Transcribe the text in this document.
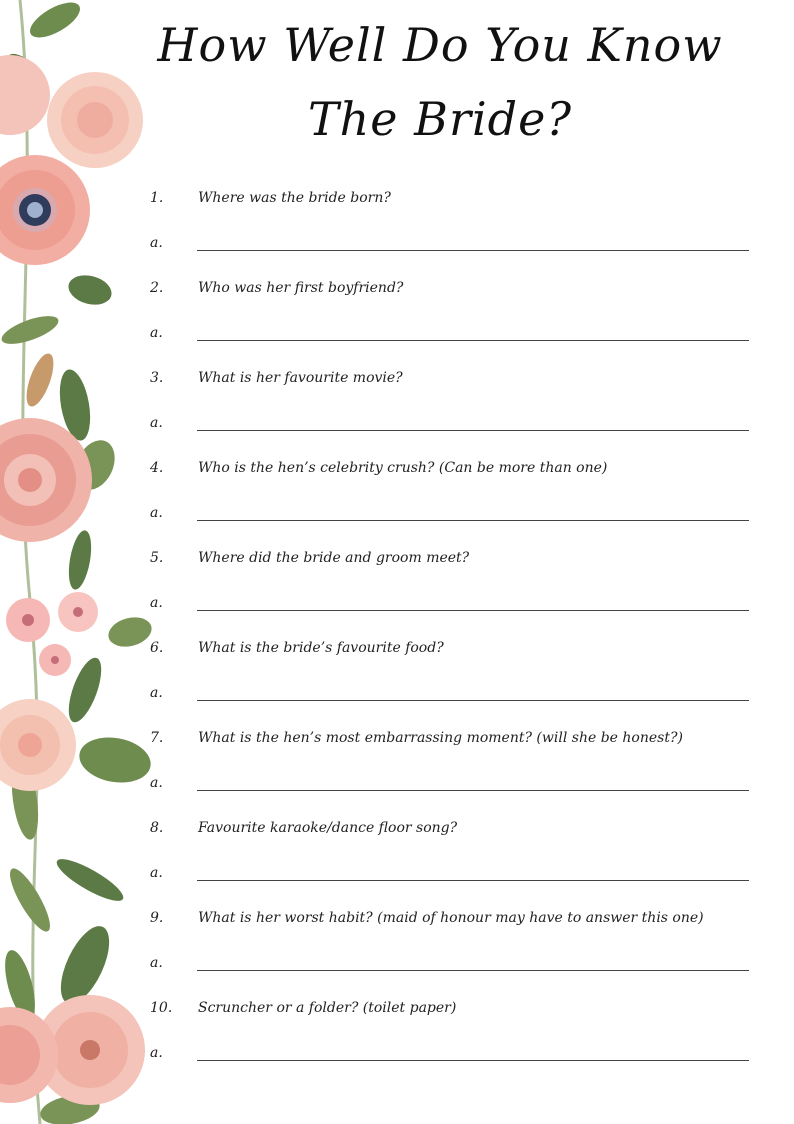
How Well Do You Know
The Bride?
1. Where was the bride born?
a.
2. Who was her first boyfriend?
a.
3. What is her favourite movie?
a.
4. Who is the hen’s celebrity crush? (Can be more than one)
a.
5. Where did the bride and groom meet?
a.
6. What is the bride’s favourite food?
a.
7. What is the hen’s most embarrassing moment? (will she be honest?)
a.
8. Favourite karaoke/dance floor song?
a.
9. What is her worst habit? (maid of honour may have to answer this one)
a.
10. Scruncher or a folder? (toilet paper)
a.
